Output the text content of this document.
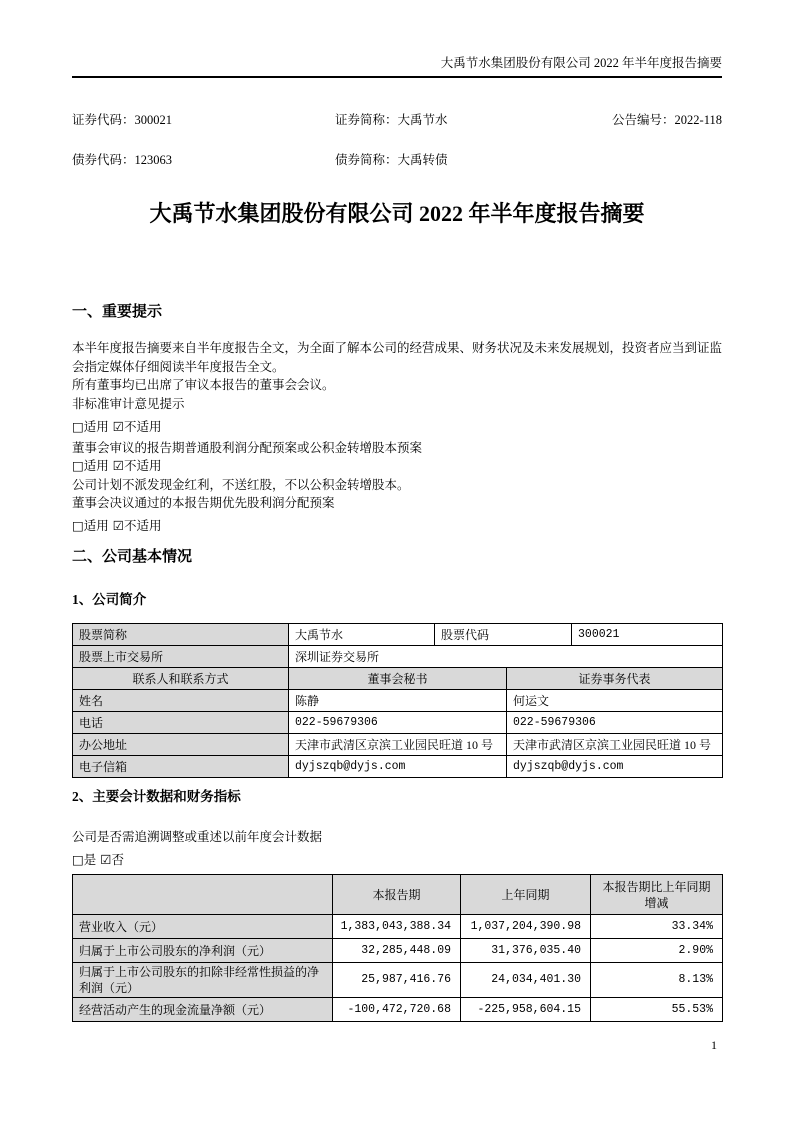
大禹节水集团股份有限公司 2022 年半年度报告摘要
证券代码：300021	证券简称：大禹节水	公告编号：2022-118
债券代码：123063	债券简称：大禹转债
大禹节水集团股份有限公司 2022 年半年度报告摘要
一、重要提示
本半年度报告摘要来自半年度报告全文，为全面了解本公司的经营成果、财务状况及未来发展规划，投资者应当到证监会指定媒体仔细阅读半年度报告全文。
所有董事均已出席了审议本报告的董事会会议。
非标准审计意见提示
□适用 ☑不适用
董事会审议的报告期普通股利润分配预案或公积金转增股本预案
□适用 ☑不适用
公司计划不派发现金红利，不送红股，不以公积金转增股本。
董事会决议通过的本报告期优先股利润分配预案
□适用 ☑不适用
二、公司基本情况
1、公司简介
股票简称	大禹节水	股票代码		300021
股票上市交易所	深圳证券交易所			
联系人和联系方式	董事会秘书		证券事务代表	
姓名	陈静		何运文	
电话	022-59679306		022-59679306	
办公地址	天津市武清区京滨工业园民旺道 10 号		天津市武清区京滨工业园民旺道 10 号	
电子信箱	dyjszqb@dyjs.com		dyjszqb@dyjs.com	
2、主要会计数据和财务指标
公司是否需追溯调整或重述以前年度会计数据
□是 ☑否
	本报告期	上年同期	本报告期比上年同期增减
营业收入（元）	1,383,043,388.34	1,037,204,390.98	33.34%
归属于上市公司股东的净利润（元）	32,285,448.09	31,376,035.40	2.90%
归属于上市公司股东的扣除非经常性损益的净利润（元）	25,987,416.76	24,034,401.30	8.13%
经营活动产生的现金流量净额（元）	-100,472,720.68	-225,958,604.15	55.53%
1
